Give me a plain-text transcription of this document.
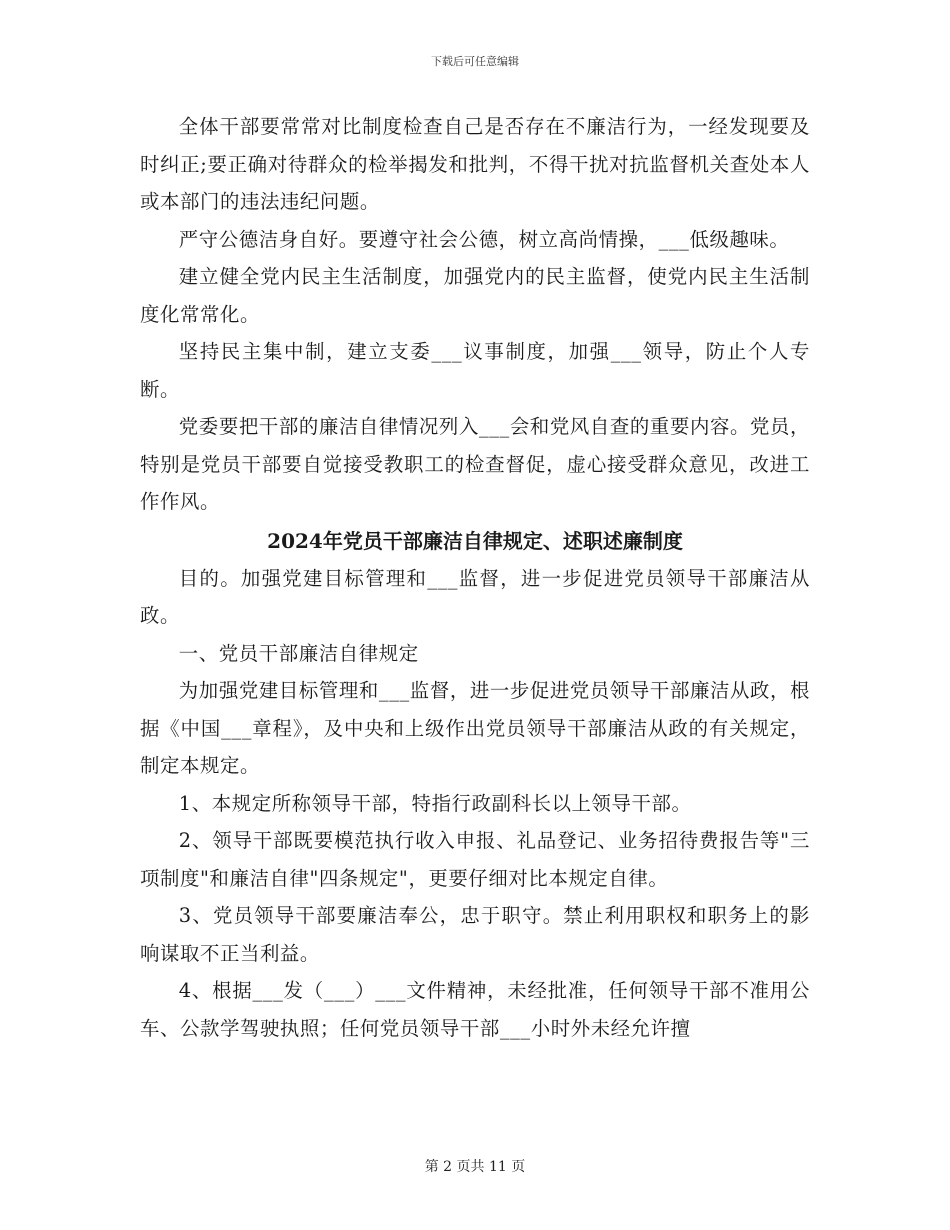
下载后可任意编辑

全体干部要常常对比制度检查自己是否存在不廉洁行为，一经发现要及时纠正;要正确对待群众的检举揭发和批判，不得干扰对抗监督机关查处本人或本部门的违法违纪问题。

严守公德洁身自好。要遵守社会公德，树立高尚情操，___低级趣味。

建立健全党内民主生活制度，加强党内的民主监督，使党内民主生活制度化常常化。

坚持民主集中制，建立支委___议事制度，加强___领导，防止个人专断。

党委要把干部的廉洁自律情况列入___会和党风自查的重要内容。党员，特别是党员干部要自觉接受教职工的检查督促，虚心接受群众意见，改进工作作风。

2024年党员干部廉洁自律规定、述职述廉制度

目的。加强党建目标管理和___监督，进一步促进党员领导干部廉洁从政。

一、党员干部廉洁自律规定

为加强党建目标管理和___监督，进一步促进党员领导干部廉洁从政，根据《中国___章程》，及中央和上级作出党员领导干部廉洁从政的有关规定，制定本规定。

1、本规定所称领导干部，特指行政副科长以上领导干部。

2、领导干部既要模范执行收入申报、礼品登记、业务招待费报告等"三项制度"和廉洁自律"四条规定"，更要仔细对比本规定自律。

3、党员领导干部要廉洁奉公，忠于职守。禁止利用职权和职务上的影响谋取不正当利益。

4、根据___发（___）___文件精神，未经批准，任何领导干部不准用公车、公款学驾驶执照；任何党员领导干部___小时外未经允许擅

第 2 页共 11 页
